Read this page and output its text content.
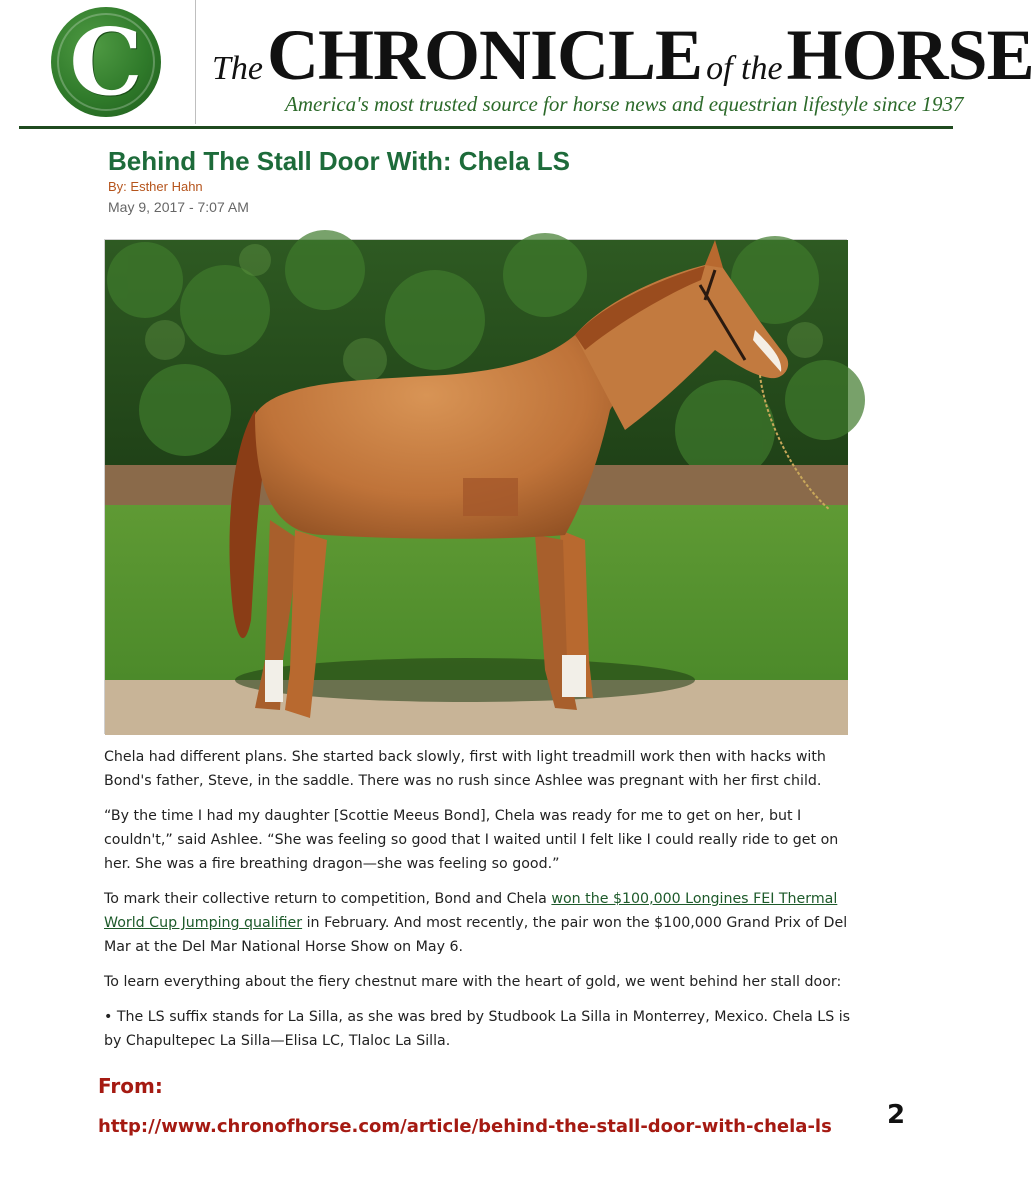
C	The CHRONICLE of the HORSE
America's most trusted source for horse news and equestrian lifestyle since 1937
Behind The Stall Door With: Chela LS
By: Esther Hahn
May 9, 2017 - 7:07 AM

Chela had different plans. She started back slowly, first with light treadmill work then with hacks with Bond's father, Steve, in the saddle. There was no rush since Ashlee was pregnant with her first child.

“By the time I had my daughter [Scottie Meeus Bond], Chela was ready for me to get on her, but I couldn't,” said Ashlee. “She was feeling so good that I waited until I felt like I could really ride to get on her. She was a fire breathing dragon—she was feeling so good.”

To mark their collective return to competition, Bond and Chela won the $100,000 Longines FEI Thermal World Cup Jumping qualifier in February. And most recently, the pair won the $100,000 Grand Prix of Del Mar at the Del Mar National Horse Show on May 6.

To learn everything about the fiery chestnut mare with the heart of gold, we went behind her stall door:

• The LS suffix stands for La Silla, as she was bred by Studbook La Silla in Monterrey, Mexico. Chela LS is by Chapultepec La Silla—Elisa LC, Tlaloc La Silla.

From:
http://www.chronofhorse.com/article/behind-the-stall-door-with-chela-ls 2
